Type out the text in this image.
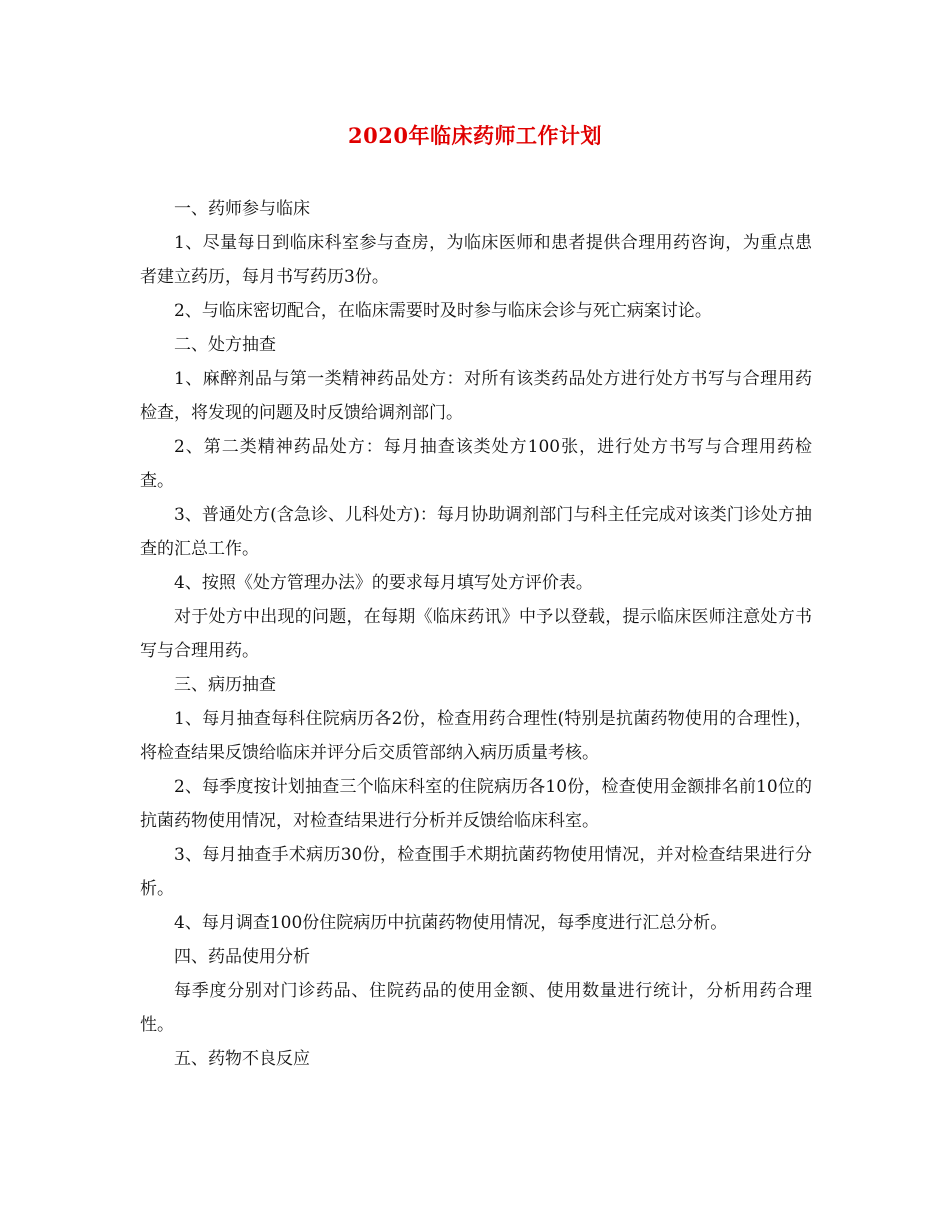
2020年临床药师工作计划

一、药师参与临床

1、尽量每日到临床科室参与查房，为临床医师和患者提供合理用药咨询，为重点患者建立药历，每月书写药历3份。

2、与临床密切配合，在临床需要时及时参与临床会诊与死亡病案讨论。

二、处方抽查

1、麻醉剂品与第一类精神药品处方：对所有该类药品处方进行处方书写与合理用药检查，将发现的问题及时反馈给调剂部门。

2、第二类精神药品处方：每月抽查该类处方100张，进行处方书写与合理用药检查。

3、普通处方(含急诊、儿科处方)：每月协助调剂部门与科主任完成对该类门诊处方抽查的汇总工作。

4、按照《处方管理办法》的要求每月填写处方评价表。

对于处方中出现的问题，在每期《临床药讯》中予以登载，提示临床医师注意处方书写与合理用药。

三、病历抽查

1、每月抽查每科住院病历各2份，检查用药合理性(特别是抗菌药物使用的合理性)，将检查结果反馈给临床并评分后交质管部纳入病历质量考核。

2、每季度按计划抽查三个临床科室的住院病历各10份，检查使用金额排名前10位的抗菌药物使用情况，对检查结果进行分析并反馈给临床科室。

3、每月抽查手术病历30份，检查围手术期抗菌药物使用情况，并对检查结果进行分析。

4、每月调查100份住院病历中抗菌药物使用情况，每季度进行汇总分析。

四、药品使用分析

每季度分别对门诊药品、住院药品的使用金额、使用数量进行统计，分析用药合理性。

五、药物不良反应
